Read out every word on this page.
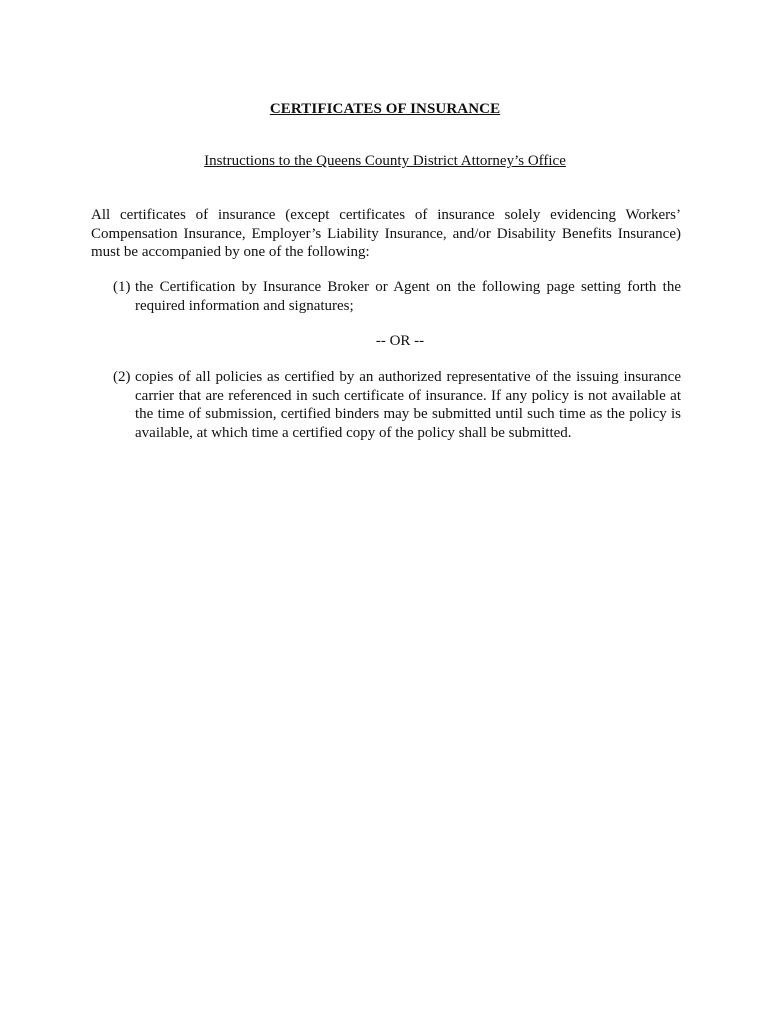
CERTIFICATES OF INSURANCE
Instructions to the Queens County District Attorney’s Office

All certificates of insurance (except certificates of insurance solely evidencing Workers’ Compensation Insurance, Employer’s Liability Insurance, and/or Disability Benefits Insurance) must be accompanied by one of the following:

(1) the Certification by Insurance Broker or Agent on the following page setting forth the required information and signatures;
-- OR --
(2) copies of all policies as certified by an authorized representative of the issuing insurance carrier that are referenced in such certificate of insurance. If any policy is not available at the time of submission, certified binders may be submitted until such time as the policy is available, at which time a certified copy of the policy shall be submitted.
